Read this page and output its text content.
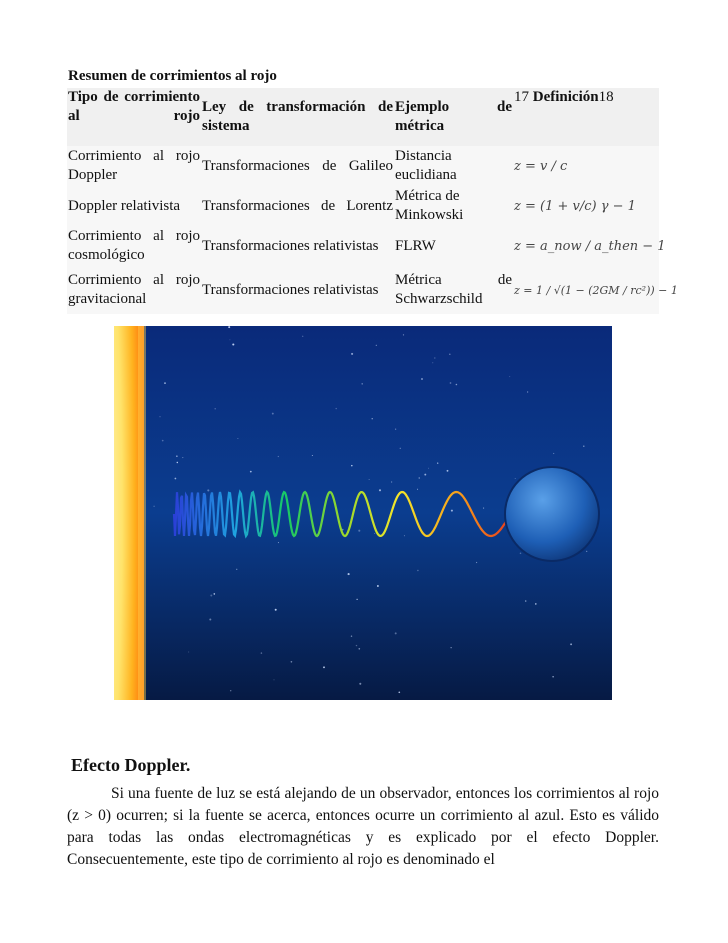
Resumen de corrimientos al rojo
Tipo de corrimiento al rojo	Ley de transformación de sistema	Ejemplo de métrica	17 Definición18

Corrimiento al rojo Doppler	Transformaciones de Galileo	Distancia euclidiana	z = v / c
Doppler relativista	Transformaciones de Lorentz	Métrica de Minkowski	z = (1 + v/c) γ − 1

Corrimiento al rojo cosmológico	Transformaciones relativistas	FLRW	z = a_now / a_then − 1

Corrimiento al rojo gravitacional	Transformaciones relativistas	Métrica de Schwarzschild	z = 1 / √(1 − (2GM / rc²)) − 1
Efecto Doppler.

Si una fuente de luz se está alejando de un observador, entonces los corrimientos al rojo (z > 0) ocurren; si la fuente se acerca, entonces ocurre un corrimiento al azul. Esto es válido para todas las ondas electromagnéticas y es explicado por el efecto Doppler. Consecuentemente, este tipo de corrimiento al rojo es denominado el
